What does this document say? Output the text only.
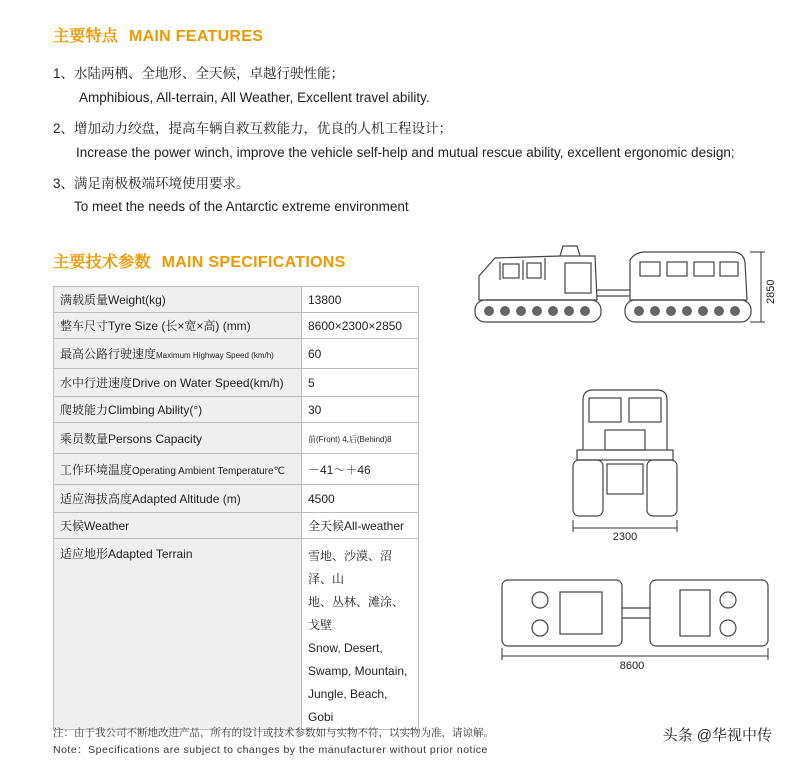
主要特点 MAIN FEATURES
1、水陆两栖、全地形、全天候，卓越行驶性能；
Amphibious, All-terrain, All Weather, Excellent travel ability.
2、增加动力绞盘，提高车辆自救互救能力，优良的人机工程设计；
Increase the power winch, improve the vehicle self-help and mutual rescue ability, excellent ergonomic design;
3、满足南极极端环境使用要求。
To meet the needs of the Antarctic extreme environment
主要技术参数 MAIN SPECIFICATIONS
满载质量Weight(kg)	13800
整车尺寸Tyre Size (长×宽×高) (mm)	8600×2300×2850
最高公路行驶速度Maximum Highway Speed (km/h)	60
水中行进速度Drive on Water Speed(km/h)	5
爬坡能力Climbing Ability(°)	30
乘员数量Persons Capacity	前(Front) 4,后(Behind)8
工作环境温度Operating Ambient Temperature℃	－41～＋46
适应海拔高度Adapted Altitude (m)	4500
天候Weather	全天候All-weather
适应地形Adapted Terrain	雪地、沙漠、沼泽、山
地、丛林、滩涂、戈壁
Snow, Desert,
Swamp, Mountain,
Jungle, Beach, Gobi
2850
2300
8600
注：由于我公司不断地改进产品，所有的设计或技术参数如与实物不符，以实物为准，请谅解。
Note：Specifications are subject to changes by the manufacturer without prior notice
头条 @华视中传
